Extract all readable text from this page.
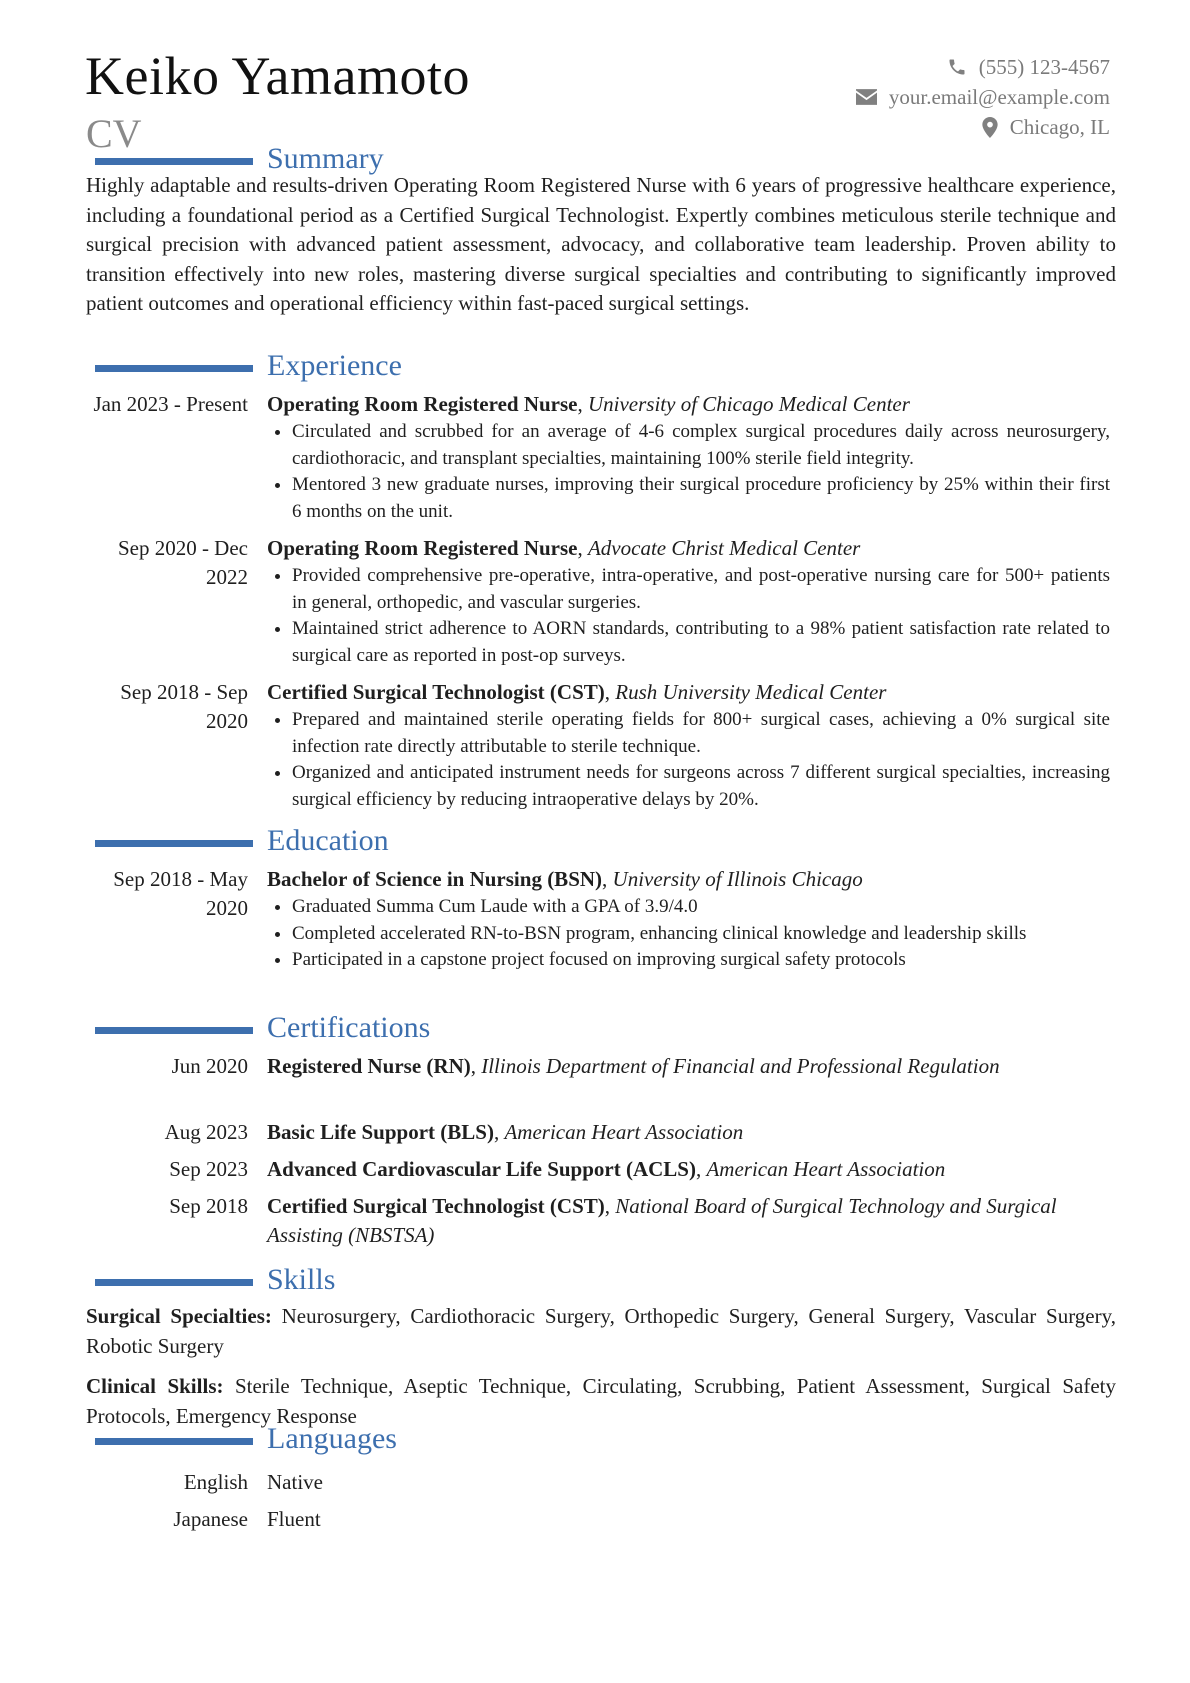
Keiko Yamamoto
CV
(555) 123-4567
your.email@example.com
Chicago, IL
Summary
Highly adaptable and results-driven Operating Room Registered Nurse with 6 years of progressive healthcare experience, including a foundational period as a Certified Surgical Technologist. Expertly combines meticulous sterile technique and surgical precision with advanced patient assessment, advocacy, and collaborative team leadership. Proven ability to transition effectively into new roles, mastering diverse surgical specialties and contributing to significantly improved patient outcomes and operational efficiency within fast-paced surgical settings.
Experience
Jan 2023 - Present Operating Room Registered Nurse, University of Chicago Medical Center
• Circulated and scrubbed for an average of 4-6 complex surgical procedures daily across neurosurgery, cardiothoracic, and transplant specialties, maintaining 100% sterile field integrity.
• Mentored 3 new graduate nurses, improving their surgical procedure proficiency by 25% within their first 6 months on the unit.
Sep 2020 - Dec 2022
Operating Room Registered Nurse, Advocate Christ Medical Center
• Provided comprehensive pre-operative, intra-operative, and post-operative nursing care for 500+ patients in general, orthopedic, and vascular surgeries.
• Maintained strict adherence to AORN standards, contributing to a 98% patient satisfaction rate related to surgical care as reported in post-op surveys.
Sep 2018 - Sep 2020
Certified Surgical Technologist (CST), Rush University Medical Center
• Prepared and maintained sterile operating fields for 800+ surgical cases, achieving a 0% surgical site infection rate directly attributable to sterile technique.
• Organized and anticipated instrument needs for surgeons across 7 different surgical specialties, increasing surgical efficiency by reducing intraoperative delays by 20%.
Education
Sep 2018 - May 2020
Bachelor of Science in Nursing (BSN), University of Illinois Chicago
• Graduated Summa Cum Laude with a GPA of 3.9/4.0
• Completed accelerated RN-to-BSN program, enhancing clinical knowledge and leadership skills
• Participated in a capstone project focused on improving surgical safety protocols
Certifications
Jun 2020 Registered Nurse (RN), Illinois Department of Financial and Professional Regulation
Aug 2023 Basic Life Support (BLS), American Heart Association
Sep 2023 Advanced Cardiovascular Life Support (ACLS), American Heart Association
Sep 2018 Certified Surgical Technologist (CST), National Board of Surgical Technology and Surgical Assisting (NBSTSA)
Skills
Surgical Specialties: Neurosurgery, Cardiothoracic Surgery, Orthopedic Surgery, General Surgery, Vascular Surgery, Robotic Surgery
Clinical Skills: Sterile Technique, Aseptic Technique, Circulating, Scrubbing, Patient Assessment, Surgical Safety Protocols, Emergency Response
Languages
English Native
Japanese Fluent
